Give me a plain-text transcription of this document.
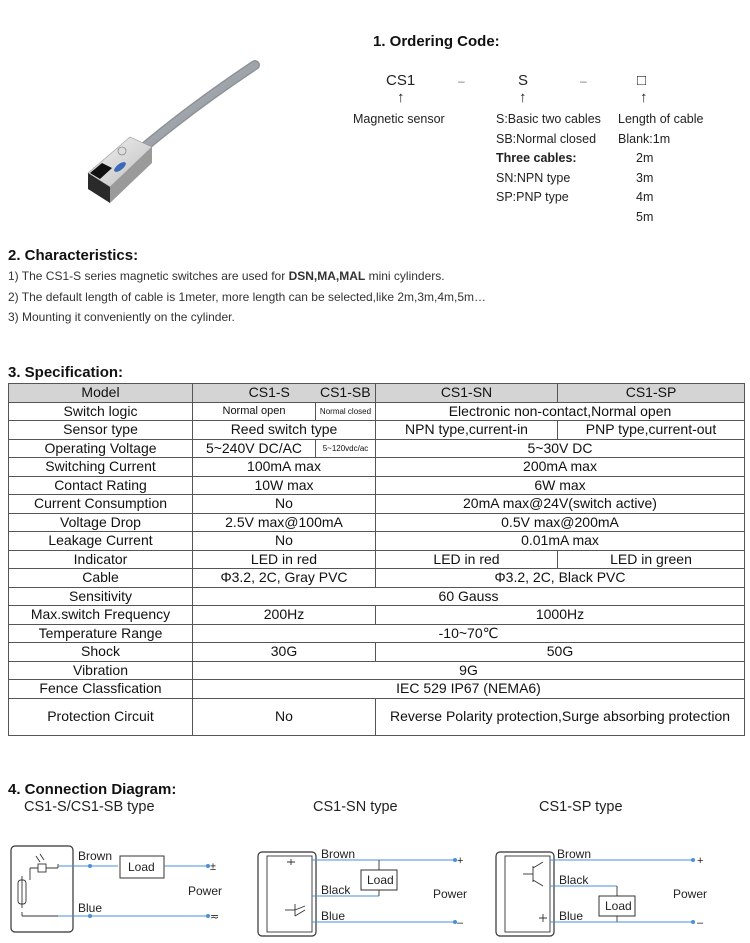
1. Ordering Code:
CS1	–	S	–	□
↑	↑	↑
Magnetic sensor	S:Basic two cables
SB:Normal closed
Three cables:
SN:NPN type
SP:PNP type
Length of cable
Blank:1m
2m
3m
4m
5m
2. Characteristics:
1) The CS1-S series magnetic switches are used for DSN,MA,MAL mini cylinders.
2) The default length of cable is 1meter, more length can be selected,like 2m,3m,4m,5m…
3) Mounting it conveniently on the cylinder.
3. Specification:
Model	CS1-S	CS1-SB	CS1-SN	CS1-SP
Switch logic	Normal open	Normal closed	Electronic non-contact,Normal open	
Sensor type	Reed switch type		NPN type,current-in	PNP type,current-out
Operating Voltage	5~240V DC/AC	5~120vdc/ac	5~30V DC	
Switching Current	100mA max		200mA max	
Contact Rating	10W max		6W max	
Current Consumption	No		20mA max@24V(switch active)	
Voltage Drop	2.5V max@100mA		0.5V max@200mA	
Leakage Current	No		0.01mA max	
Indicator	LED in red		LED in red	LED in green
Cable	Φ3.2, 2C, Gray PVC		Φ3.2, 2C, Black PVC	
Sensitivity	60 Gauss			
Max.switch Frequency	200Hz		1000Hz	
Temperature Range	-10~70℃			
Shock	30G		50G	
Vibration	9G			
Fence Classfication	IEC 529 IP67 (NEMA6)			
Protection Circuit	No		Reverse Polarity protection,Surge absorbing protection	
4. Connection Diagram:
CS1-S/CS1-SB type	CS1-SN type	CS1-SP type
Brown
Load	±
Power
Blue
≂
Brown	+
Load
Black	Power
Blue	–
Brown	+
Black
Load
Power
Blue	–
